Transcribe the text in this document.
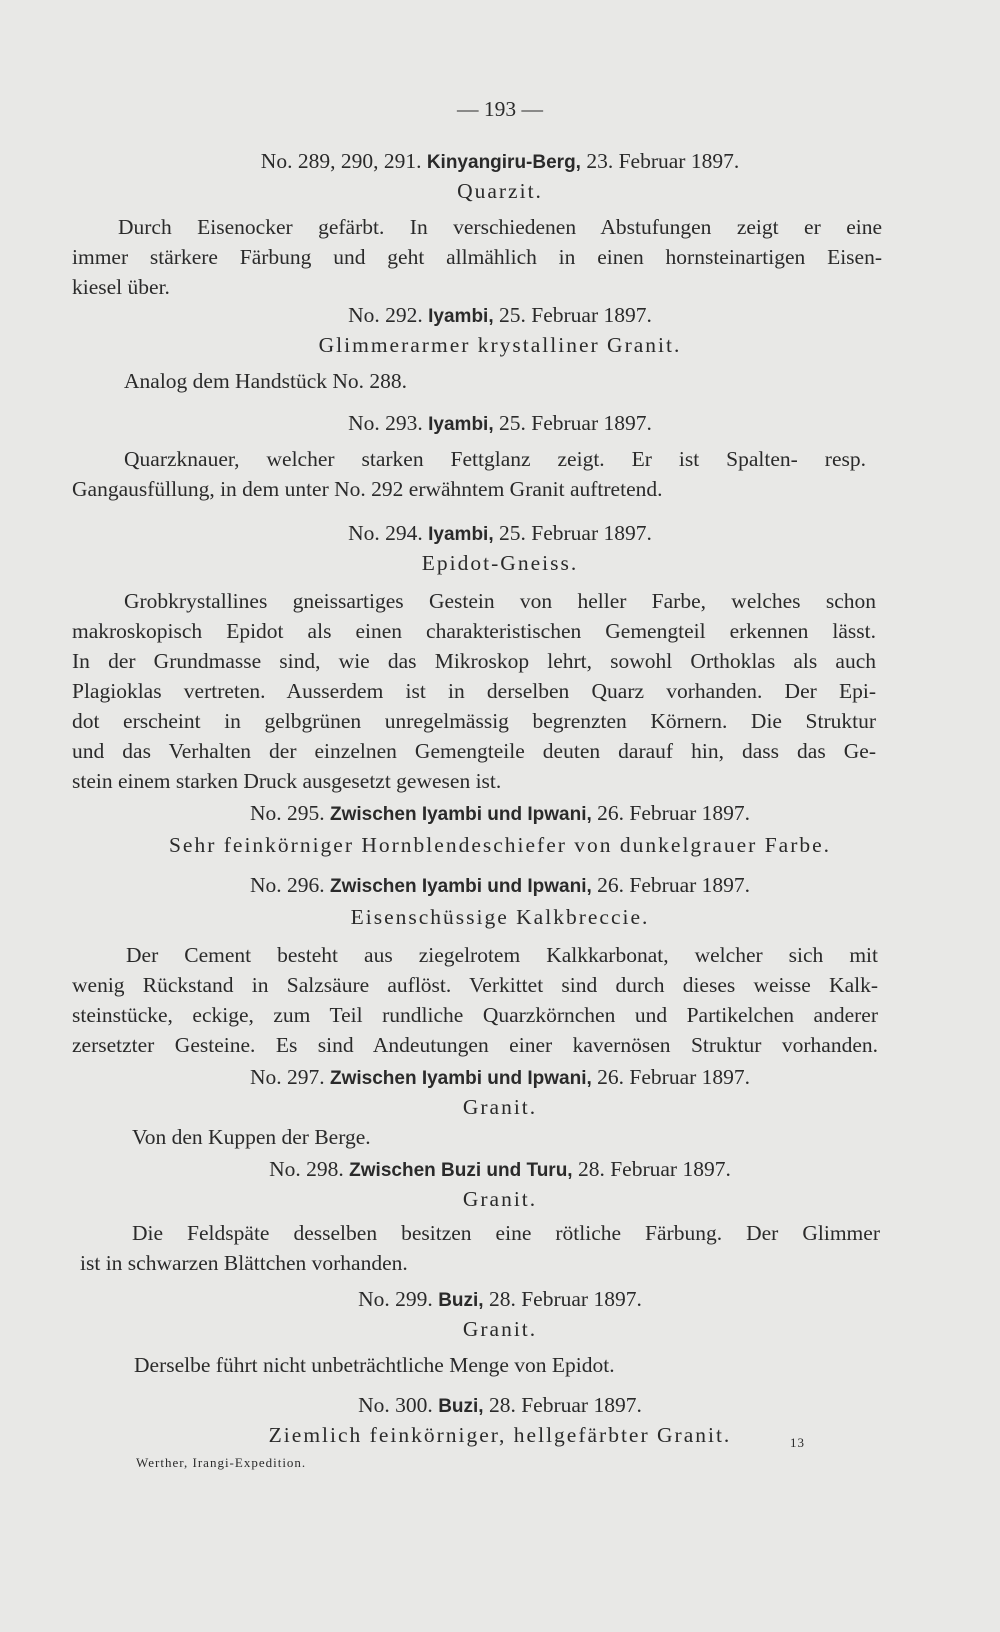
— 193 —
No. 289, 290, 291. Kinyangiru-Berg, 23. Februar 1897.
Quarzit.
Durch Eisenocker gefärbt. In verschiedenen Abstufungen zeigt er eine
immer stärkere Färbung und geht allmählich in einen hornsteinartigen Eisen-
kiesel über.
No. 292. Iyambi, 25. Februar 1897.
Glimmerarmer krystalliner Granit.
Analog dem Handstück No. 288.
No. 293. Iyambi, 25. Februar 1897.
Quarzknauer, welcher starken Fettglanz zeigt. Er ist Spalten- resp.
Gangausfüllung, in dem unter No. 292 erwähntem Granit auftretend.
No. 294. Iyambi, 25. Februar 1897.
Epidot-Gneiss.
Grobkrystallines gneissartiges Gestein von heller Farbe, welches schon
makroskopisch Epidot als einen charakteristischen Gemengteil erkennen lässt.
In der Grundmasse sind, wie das Mikroskop lehrt, sowohl Orthoklas als auch
Plagioklas vertreten. Ausserdem ist in derselben Quarz vorhanden. Der Epi-
dot erscheint in gelbgrünen unregelmässig begrenzten Körnern. Die Struktur
und das Verhalten der einzelnen Gemengteile deuten darauf hin, dass das Ge-
stein einem starken Druck ausgesetzt gewesen ist.
No. 295. Zwischen Iyambi und Ipwani, 26. Februar 1897.
Sehr feinkörniger Hornblendeschiefer von dunkelgrauer Farbe.
No. 296. Zwischen Iyambi und Ipwani, 26. Februar 1897.
Eisenschüssige Kalkbreccie.
Der Cement besteht aus ziegelrotem Kalkkarbonat, welcher sich mit
wenig Rückstand in Salzsäure auflöst. Verkittet sind durch dieses weisse Kalk-
steinstücke, eckige, zum Teil rundliche Quarzkörnchen und Partikelchen anderer
zersetzter Gesteine. Es sind Andeutungen einer kavernösen Struktur vorhanden.
No. 297. Zwischen Iyambi und Ipwani, 26. Februar 1897.
Granit.
Von den Kuppen der Berge.
No. 298. Zwischen Buzi und Turu, 28. Februar 1897.
Granit.
Die Feldspäte desselben besitzen eine rötliche Färbung. Der Glimmer
ist in schwarzen Blättchen vorhanden.
No. 299. Buzi, 28. Februar 1897.
Granit.
Derselbe führt nicht unbeträchtliche Menge von Epidot.
No. 300. Buzi, 28. Februar 1897.
Ziemlich feinkörniger, hellgefärbter Granit.
Werther, Irangi-Expedition.
13
